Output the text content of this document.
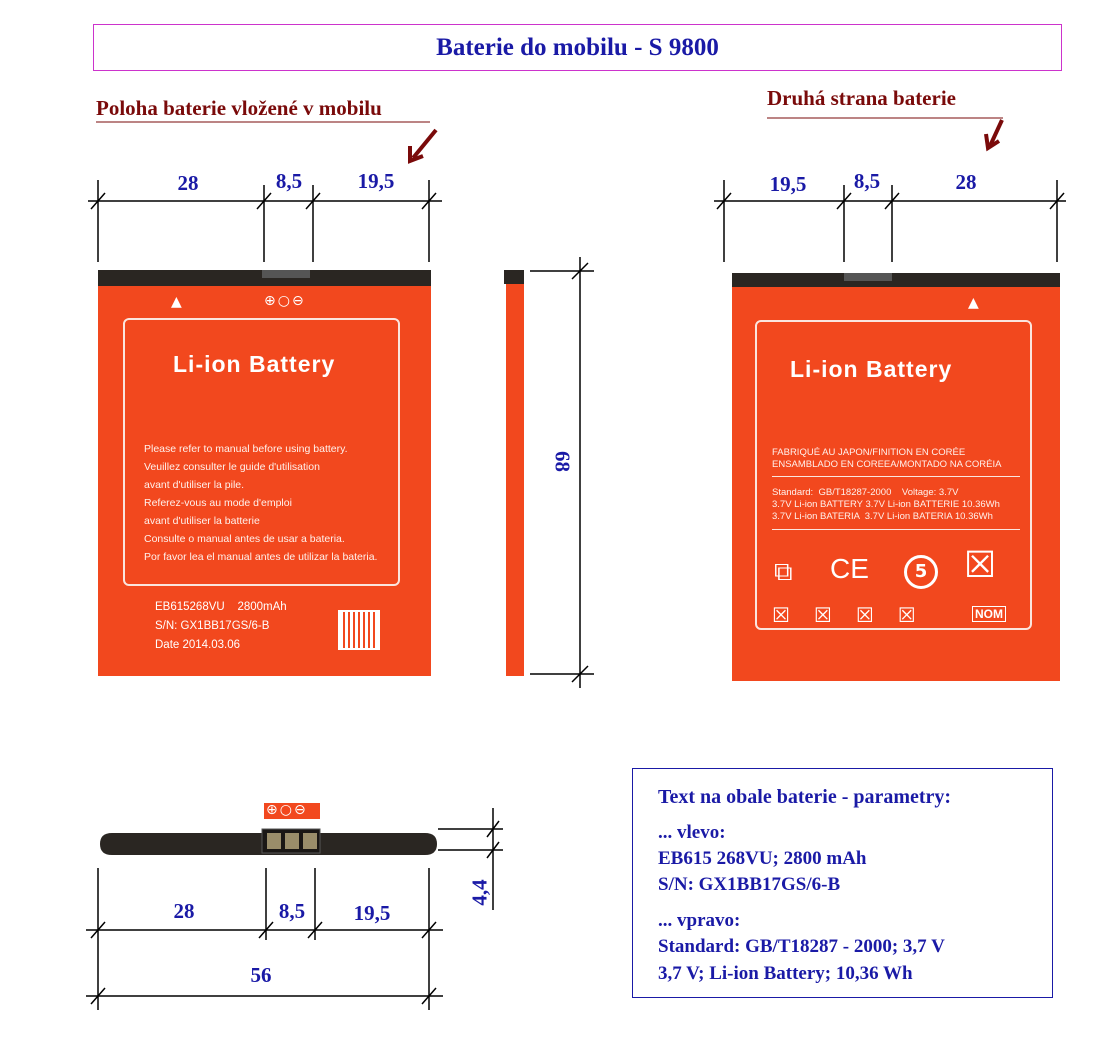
Baterie do mobilu - S 9800
Poloha baterie vložené v mobilu	Druhá strana baterie
28	8,5	19,5	19,5	8,5	28
68
28	8,5	19,5
56
4,4
⊕○⊖
▲	⊕○⊖
Li-ion Battery
Please refer to manual before using battery.
Veuillez consulter le guide d'utilisation
avant d'utiliser la pile.
Referez-vous au mode d'emploi
avant d'utiliser la batterie
Consulte o manual antes de usar a bateria.
Por favor lea el manual antes de utilizar la bateria.
EB615268VU    2800mAh
S/N: GX1BB17GS/6-B
Date 2014.03.06
▲
Li-ion Battery
FABRIQUÉ AU JAPON/FINITION EN CORÉE
ENSAMBLADO EN COREEA/MONTADO NA CORÉIA
Standard:  GB/T18287-2000    Voltage: 3.7V
3.7V Li-ion BATTERY 3.7V Li-ion BATTERIE 10.36Wh
3.7V Li-ion BATERIA  3.7V Li-ion BATERIA 10.36Wh
⧉ CE	5 ☒
☒☒☒☒	NOM
Text na obale baterie - parametry:
... vlevo:
EB615 268VU; 2800 mAh
S/N: GX1BB17GS/6-B
... vpravo:
Standard: GB/T18287 - 2000; 3,7 V
3,7 V; Li-ion Battery; 10,36 Wh
